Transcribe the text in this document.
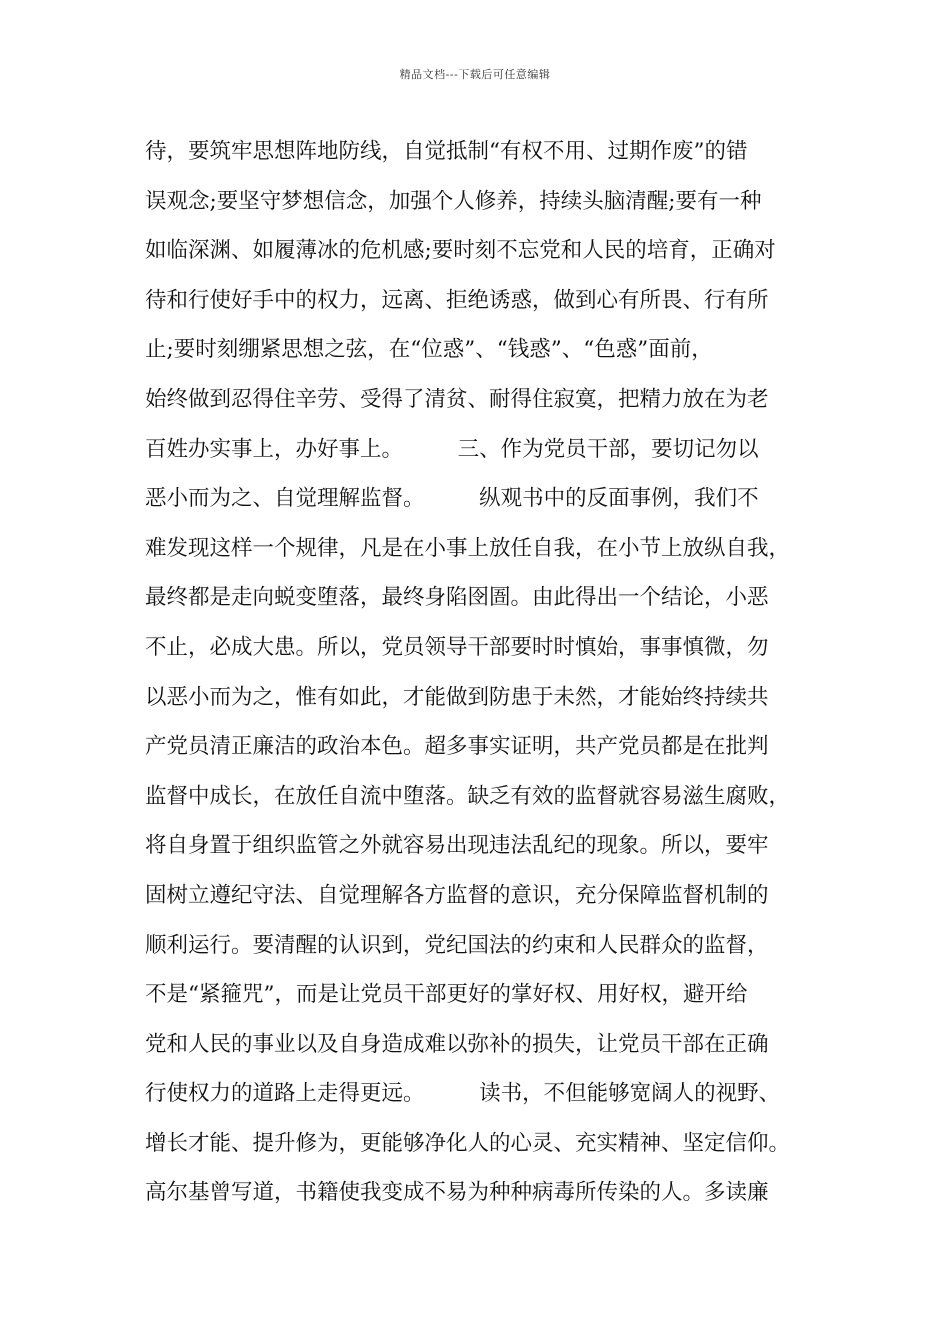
精品文档---下载后可任意编辑
待，要筑牢思想阵地防线，自觉抵制“有权不用、过期作废”的错
误观念;要坚守梦想信念，加强个人修养，持续头脑清醒;要有一种
如临深渊、如履薄冰的危机感;要时刻不忘党和人民的培育，正确对
待和行使好手中的权力，远离、拒绝诱惑，做到心有所畏、行有所
止;要时刻绷紧思想之弦，在“位惑”、“钱惑”、“色惑”面前，
始终做到忍得住辛劳、受得了清贫、耐得住寂寞，把精力放在为老
百姓办实事上，办好事上。        三、作为党员干部，要切记勿以
恶小而为之、自觉理解监督。        纵观书中的反面事例，我们不
难发现这样一个规律，凡是在小事上放任自我，在小节上放纵自我，
最终都是走向蜕变堕落，最终身陷囹圄。由此得出一个结论，小恶
不止，必成大患。所以，党员领导干部要时时慎始，事事慎微，勿
以恶小而为之，惟有如此，才能做到防患于未然，才能始终持续共
产党员清正廉洁的政治本色。超多事实证明，共产党员都是在批判
监督中成长，在放任自流中堕落。缺乏有效的监督就容易滋生腐败，
将自身置于组织监管之外就容易出现违法乱纪的现象。所以，要牢
固树立遵纪守法、自觉理解各方监督的意识，充分保障监督机制的
顺利运行。要清醒的认识到，党纪国法的约束和人民群众的监督，
不是“紧箍咒”，而是让党员干部更好的掌好权、用好权，避开给
党和人民的事业以及自身造成难以弥补的损失，让党员干部在正确
行使权力的道路上走得更远。        读书，不但能够宽阔人的视野、
增长才能、提升修为，更能够净化人的心灵、充实精神、坚定信仰。
高尔基曾写道，书籍使我变成不易为种种病毒所传染的人。多读廉
